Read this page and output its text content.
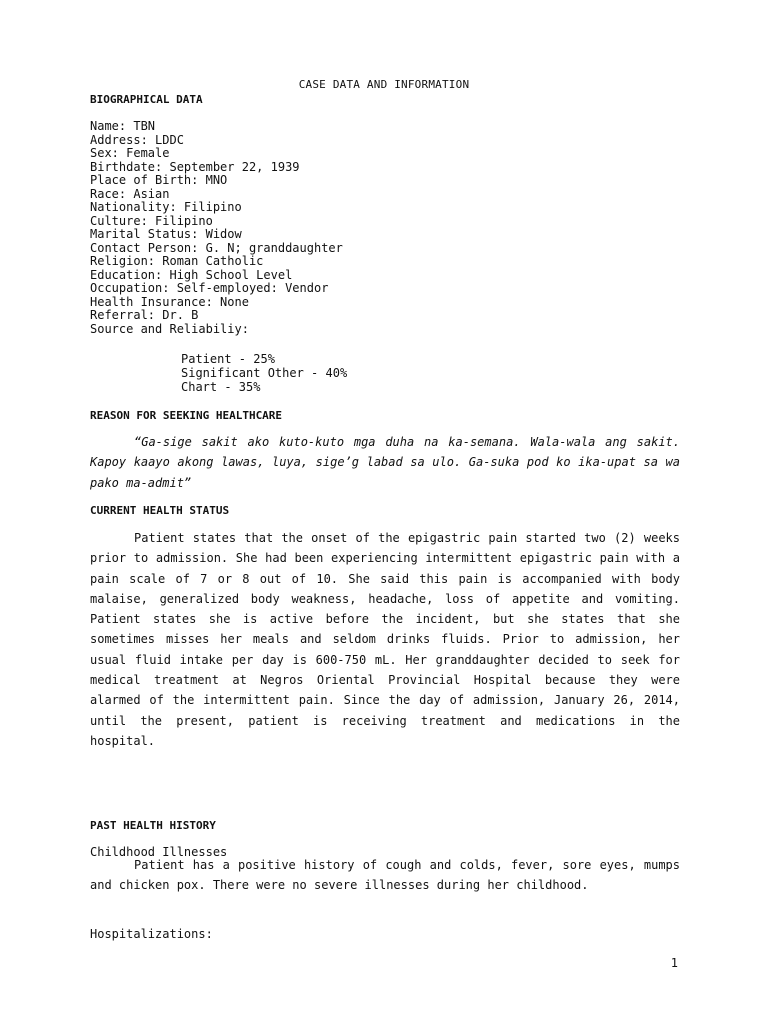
CASE DATA AND INFORMATION
BIOGRAPHICAL DATA
Name: TBN
Address: LDDC
Sex: Female
Birthdate: September 22, 1939
Place of Birth: MNO
Race: Asian
Nationality: Filipino
Culture: Filipino
Marital Status: Widow
Contact Person: G. N; granddaughter
Religion: Roman Catholic
Education: High School Level
Occupation: Self-employed: Vendor
Health Insurance: None
Referral: Dr. B
Source and Reliabiliy:
Patient - 25%
Significant Other - 40%
Chart - 35%
REASON FOR SEEKING HEALTHCARE
“Ga-sige sakit ako kuto-kuto mga duha na ka-semana. Wala-wala ang sakit. Kapoy kaayo akong lawas, luya, sige’g labad sa ulo. Ga-suka pod ko ika-upat sa wa pako ma-admit”
CURRENT HEALTH STATUS
Patient states that the onset of the epigastric pain started two (2) weeks prior to admission. She had been experiencing intermittent epigastric pain with a pain scale of 7 or 8 out of 10. She said this pain is accompanied with body malaise, generalized body weakness, headache, loss of appetite and vomiting. Patient states she is active before the incident, but she states that she sometimes misses her meals and seldom drinks fluids. Prior to admission, her usual fluid intake per day is 600-750 mL. Her granddaughter decided to seek for medical treatment at Negros Oriental Provincial Hospital because they were alarmed of the intermittent pain. Since the day of admission, January 26, 2014, until the present, patient is receiving treatment and medications in the hospital.
PAST HEALTH HISTORY
Childhood Illnesses
Patient has a positive history of cough and colds, fever, sore eyes, mumps and chicken pox. There were no severe illnesses during her childhood.
Hospitalizations:
1
